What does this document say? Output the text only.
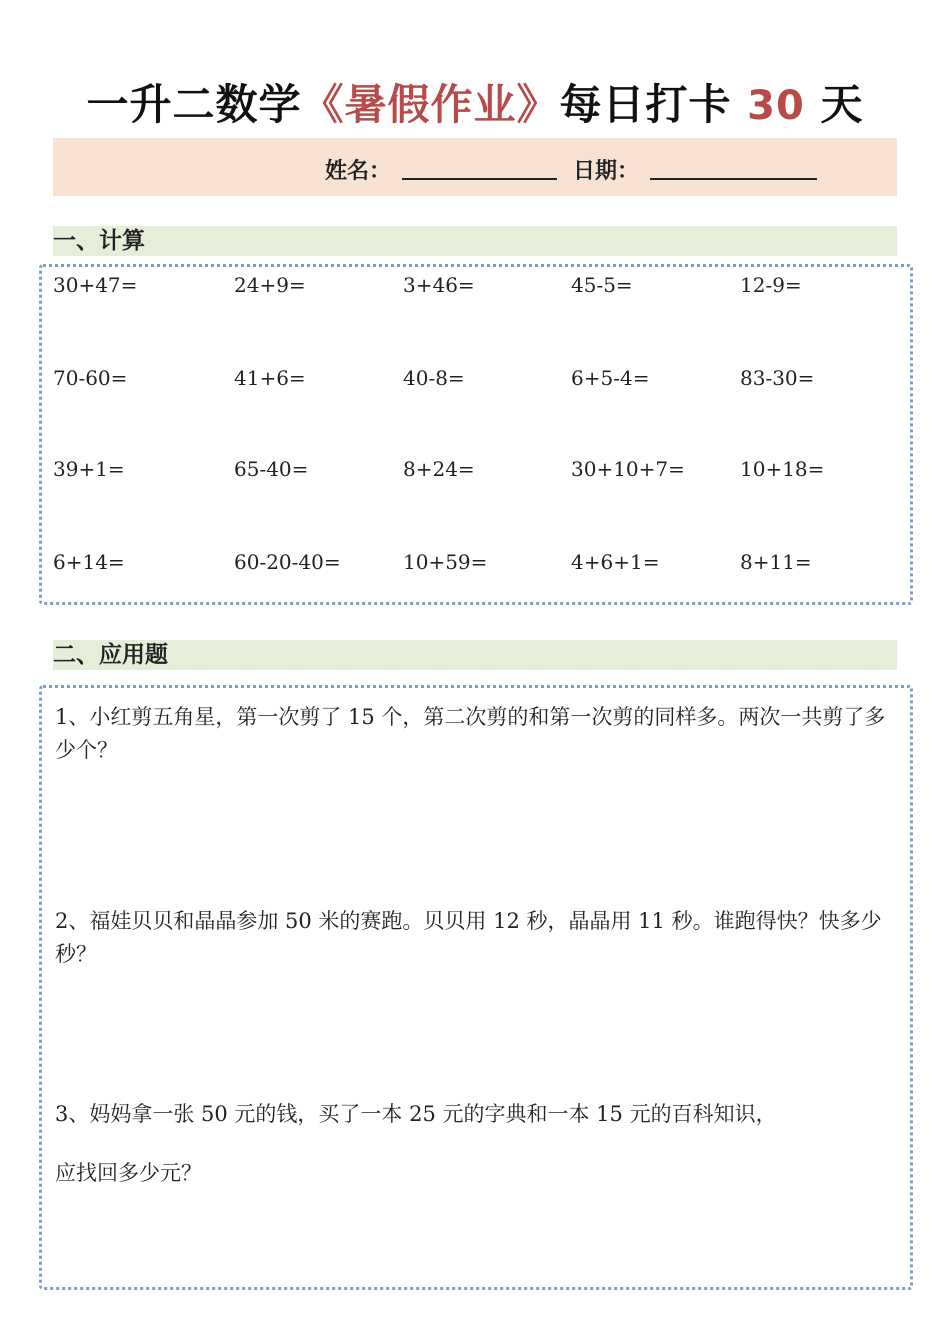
一升二数学《暑假作业》每日打卡 30 天
姓名：	日期：
一、计算
30+47=	24+9=	3+46=	45-5=	12-9=
70-60=	41+6=	40-8=	6+5-4=	83-30=
39+1=	65-40=	8+24=	30+10+7=	10+18=
6+14=	60-20-40=	10+59=	4+6+1=	8+11=
二、应用题
1、小红剪五角星，第一次剪了 15 个，第二次剪的和第一次剪的同样多。两次一共剪了多少个？
2、福娃贝贝和晶晶参加 50 米的赛跑。贝贝用 12 秒，晶晶用 11 秒。谁跑得快？快多少秒？
3、妈妈拿一张 50 元的钱，买了一本 25 元的字典和一本 15 元的百科知识，
应找回多少元？
